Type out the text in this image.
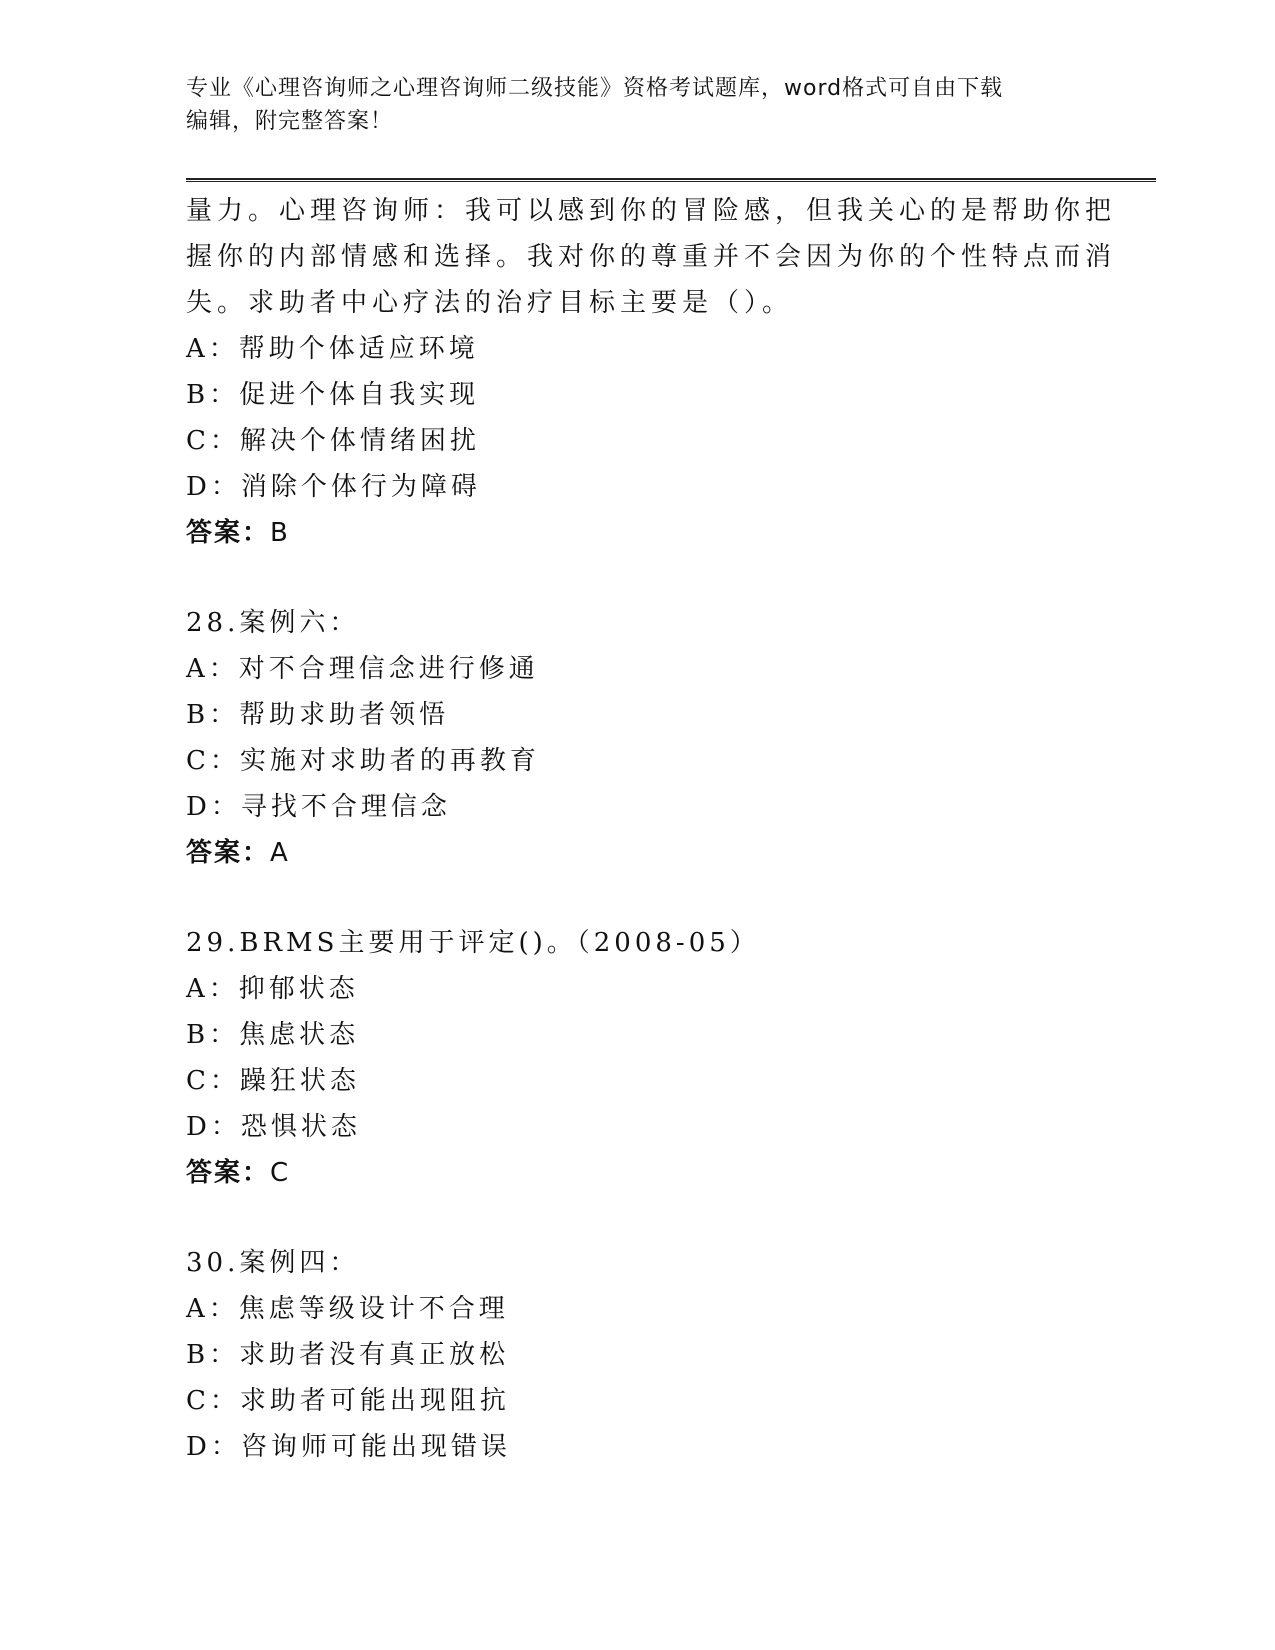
专业《心理咨询师之心理咨询师二级技能》资格考试题库，word格式可自由下载
编辑，附完整答案！
量力。心理咨询师：我可以感到你的冒险感，但我关心的是帮助你把
握你的内部情感和选择。我对你的尊重并不会因为你的个性特点而消
失。求助者中心疗法的治疗目标主要是（）。
A：帮助个体适应环境
B：促进个体自我实现
C：解决个体情绪困扰
D：消除个体行为障碍
答案：B
28.案例六：
A：对不合理信念进行修通
B：帮助求助者领悟
C：实施对求助者的再教育
D：寻找不合理信念
答案：A
29.BRMS主要用于评定()。（2008-05）
A：抑郁状态
B：焦虑状态
C：躁狂状态
D：恐惧状态
答案：C
30.案例四：
A：焦虑等级设计不合理
B：求助者没有真正放松
C：求助者可能出现阻抗
D：咨询师可能出现错误
